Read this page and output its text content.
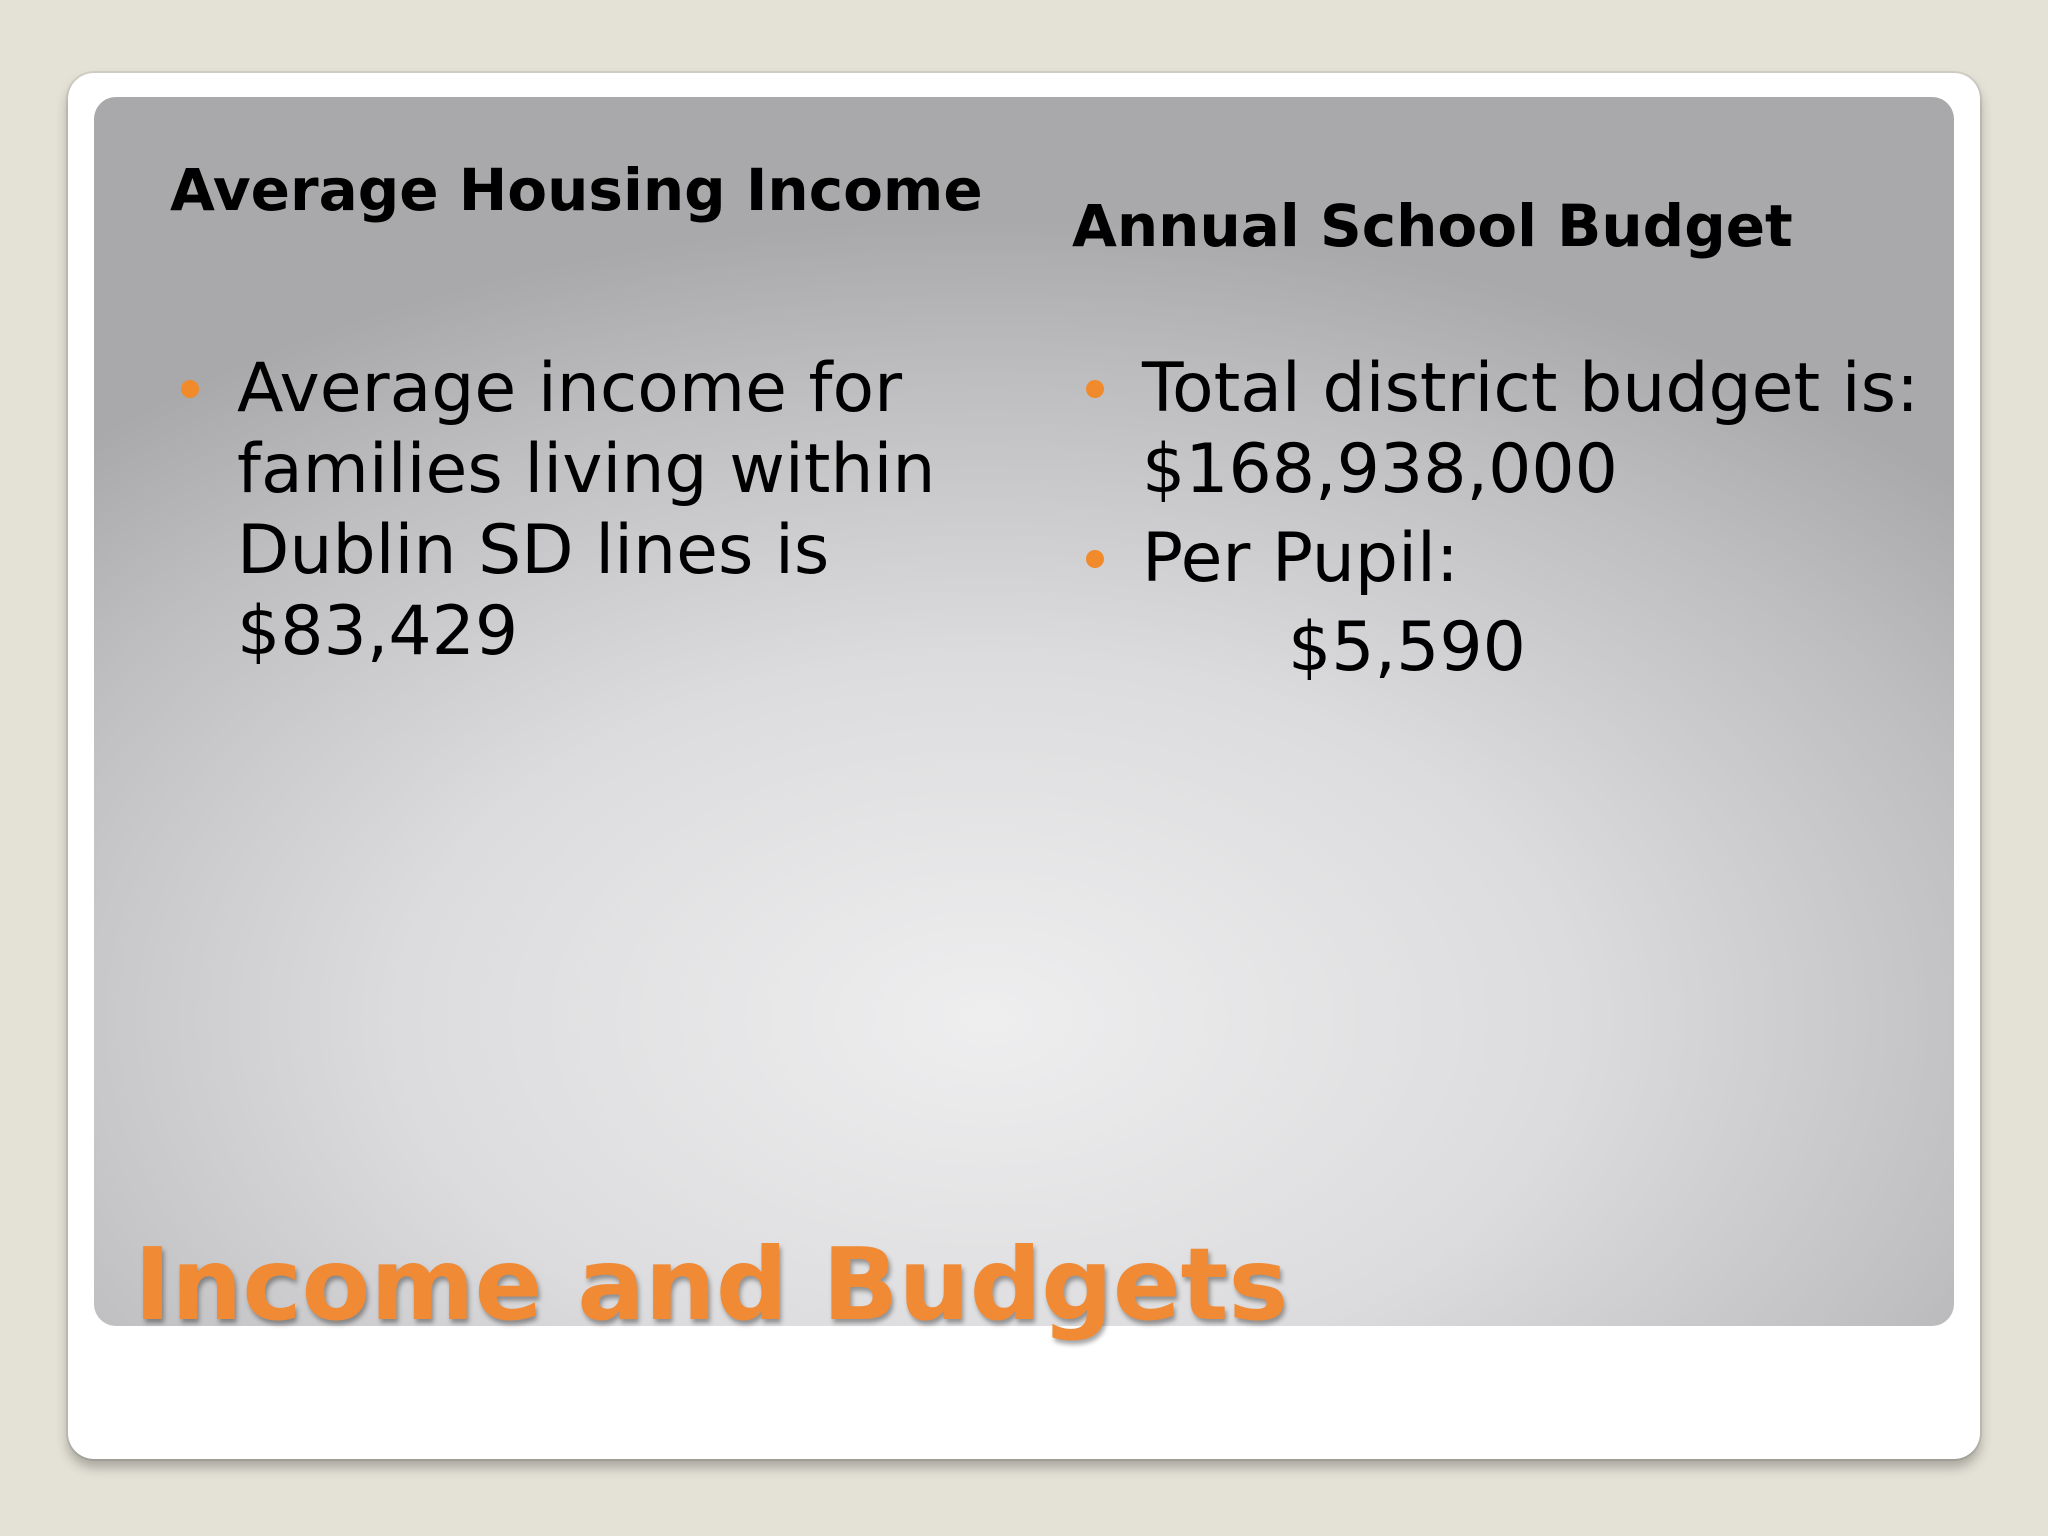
Average Housing Income
Annual School Budget
Average income for families living within Dublin SD lines is $83,429
Total district budget is: $168,938,000
Per Pupil:
$5,590
Income and Budgets
